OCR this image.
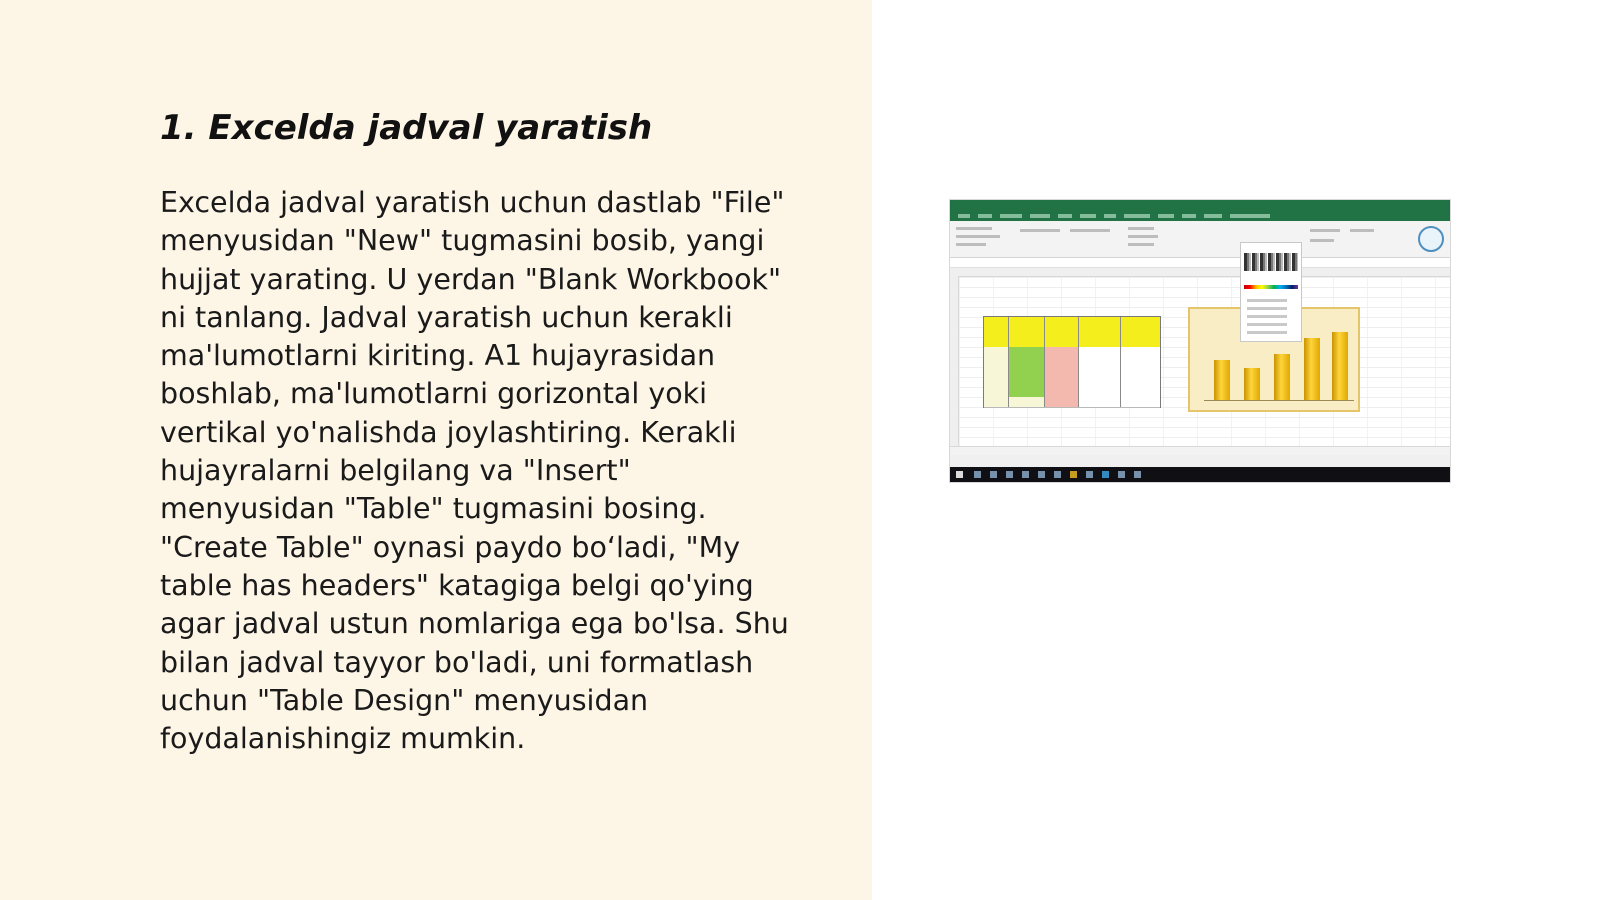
1. Excelda jadval yaratish
Excelda jadval yaratish uchun dastlab "File"
menyusidan "New" tugmasini bosib, yangi
hujjat yarating. U yerdan "Blank Workbook"
ni tanlang. Jadval yaratish uchun kerakli
ma'lumotlarni kiriting. A1 hujayrasidan
boshlab, ma'lumotlarni gorizontal yoki
vertikal yo'nalishda joylashtiring. Kerakli
hujayralarni belgilang va "Insert"
menyusidan "Table" tugmasini bosing.
"Create Table" oynasi paydo bo‘ladi, "My
table has headers" katagiga belgi qo'ying
agar jadval ustun nomlariga ega bo'lsa. Shu
bilan jadval tayyor bo'ladi, uni formatlash
uchun "Table Design" menyusidan
foydalanishingiz mumkin.
